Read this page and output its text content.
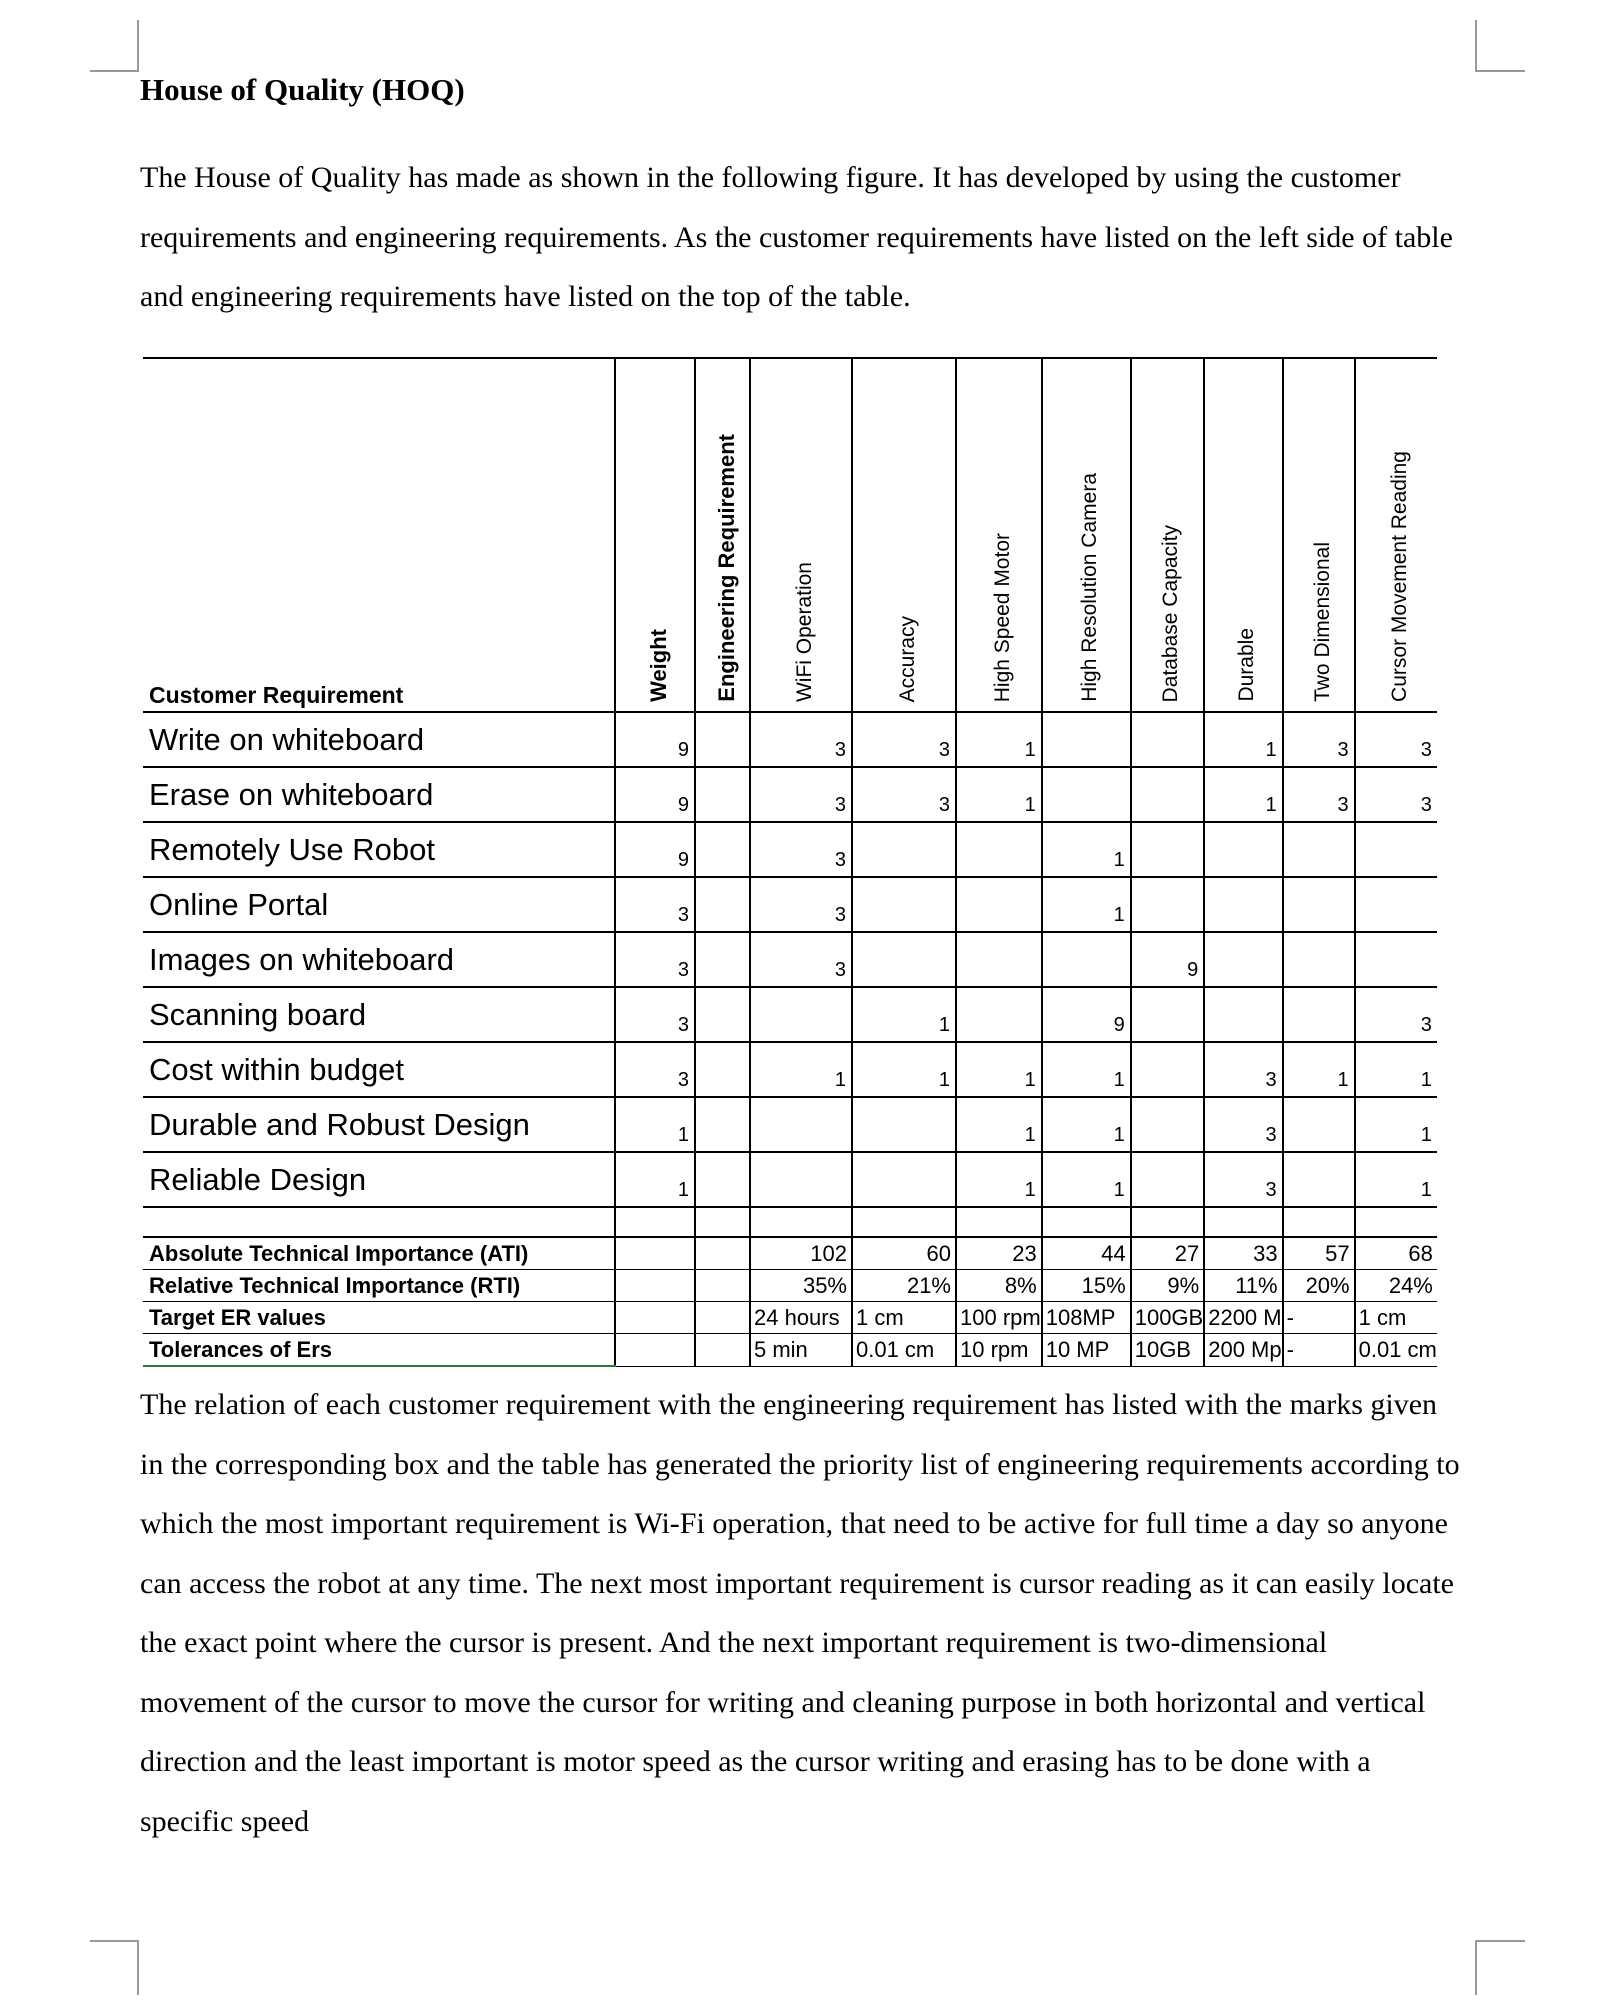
House of Quality (HOQ)

The House of Quality has made as shown in the following figure. It has developed by using the customer requirements and engineering requirements. As the customer requirements have listed on the left side of table and engineering requirements have listed on the top of the table.

Customer Requirement	Weight	Engineering Requirement	WiFi Operation	Accuracy	High Speed Motor	High Resolution Camera	Database Capacity	Durable	Two Dimensional	Cursor Movement Reading
Write on whiteboard	9		3	3	1			1	3	3
Erase on whiteboard	9		3	3	1			1	3	3
Remotely Use Robot	9		3			1				
Online Portal	3		3			1				
Images on whiteboard	3		3				9			
Scanning board	3			1		9				3
Cost within budget	3		1	1	1	1		3	1	1
Durable and Robust Design	1				1	1		3		1
Reliable Design	1				1	1		3		1

Absolute Technical Importance (ATI)			102	60	23	44	27	33	57	68
Relative Technical Importance (RTI)			35%	21%	8%	15%	9%	11%	20%	24%
Target ER values			24 hours	1 cm	100 rpm	108MP	100GB	2200 M	-	1 cm
Tolerances of Ers			5 min	0.01 cm	10 rpm	10 MP	10GB	200 Mp	-	0.01 cm

The relation of each customer requirement with the engineering requirement has listed with the marks given in the corresponding box and the table has generated the priority list of engineering requirements according to which the most important requirement is Wi-Fi operation, that need to be active for full time a day so anyone can access the robot at any time. The next most important requirement is cursor reading as it can easily locate the exact point where the cursor is present. And the next important requirement is two-dimensional movement of the cursor to move the cursor for writing and cleaning purpose in both horizontal and vertical direction and the least important is motor speed as the cursor writing and erasing has to be done with a specific speed
